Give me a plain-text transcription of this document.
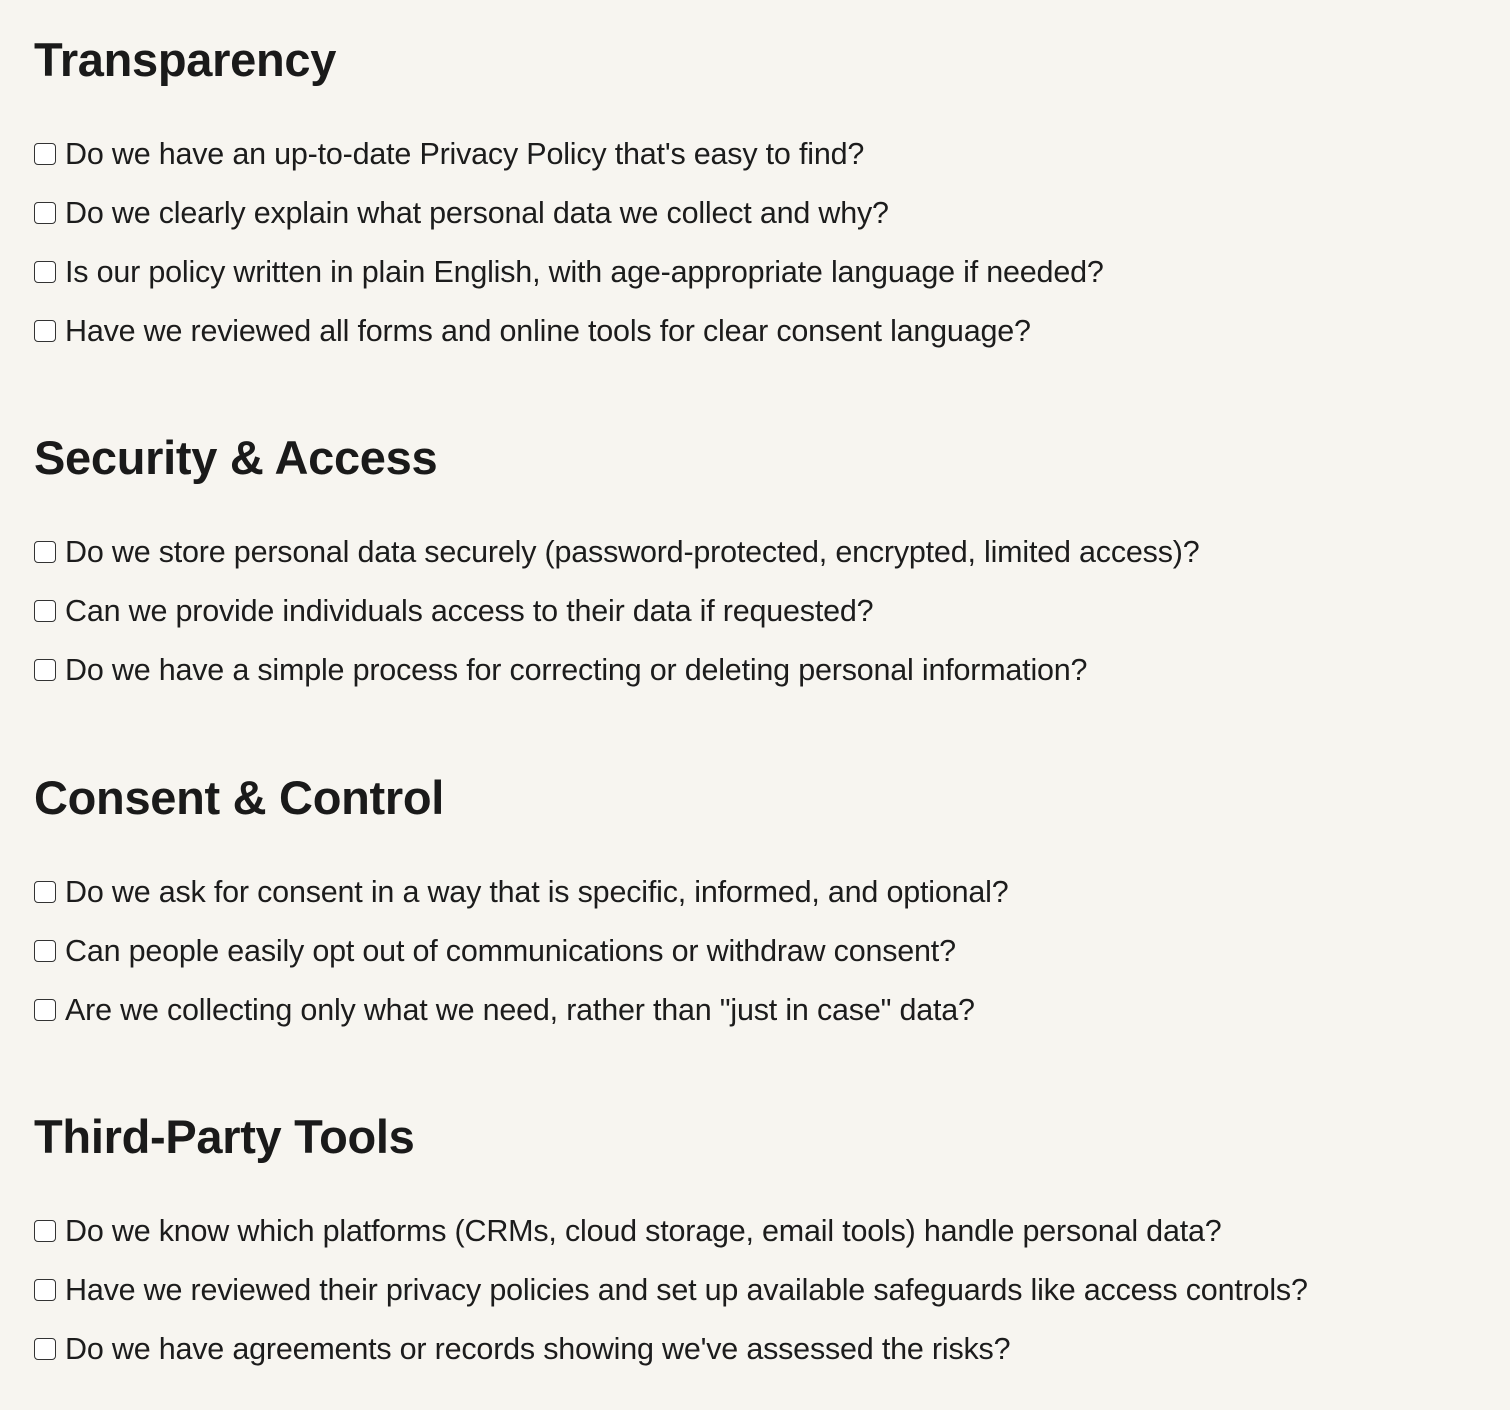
Transparency
Do we have an up-to-date Privacy Policy that's easy to find?
Do we clearly explain what personal data we collect and why?
Is our policy written in plain English, with age-appropriate language if needed?
Have we reviewed all forms and online tools for clear consent language?
Security & Access
Do we store personal data securely (password-protected, encrypted, limited access)?
Can we provide individuals access to their data if requested?
Do we have a simple process for correcting or deleting personal information?
Consent & Control
Do we ask for consent in a way that is specific, informed, and optional?
Can people easily opt out of communications or withdraw consent?
Are we collecting only what we need, rather than "just in case" data?
Third-Party Tools
Do we know which platforms (CRMs, cloud storage, email tools) handle personal data?
Have we reviewed their privacy policies and set up available safeguards like access controls?
Do we have agreements or records showing we've assessed the risks?
